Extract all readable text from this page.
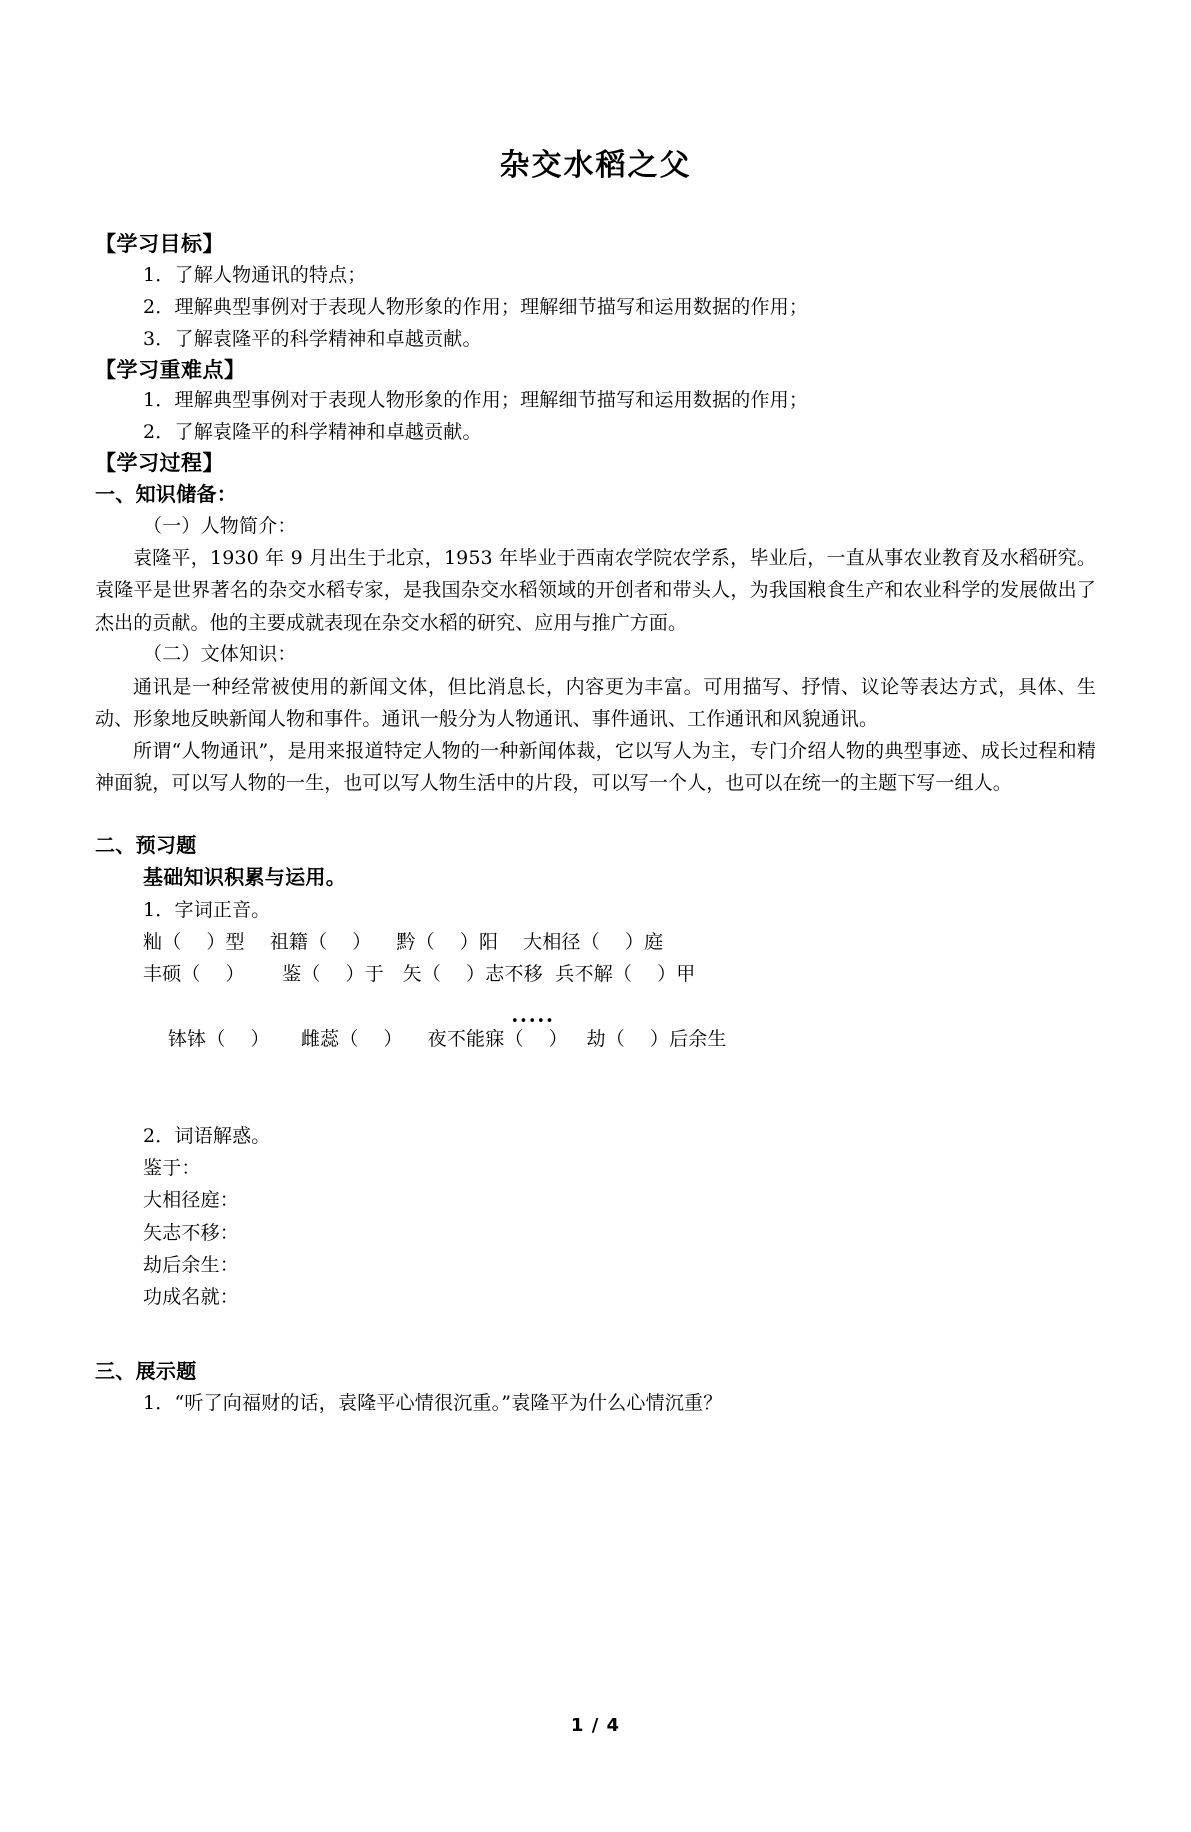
杂交水稻之父
【学习目标】
1．了解人物通讯的特点；
2．理解典型事例对于表现人物形象的作用；理解细节描写和运用数据的作用；
3．了解袁隆平的科学精神和卓越贡献。
【学习重难点】
1．理解典型事例对于表现人物形象的作用；理解细节描写和运用数据的作用；
2．了解袁隆平的科学精神和卓越贡献。
【学习过程】
一、知识储备：
（一）人物简介：
袁隆平，1930 年 9 月出生于北京，1953 年毕业于西南农学院农学系，毕业后，一直从事农业教育及水稻研究。袁隆平是世界著名的杂交水稻专家，是我国杂交水稻领域的开创者和带头人，为我国粮食生产和农业科学的发展做出了杰出的贡献。他的主要成就表现在杂交水稻的研究、应用与推广方面。
（二）文体知识：
通讯是一种经常被使用的新闻文体，但比消息长，内容更为丰富。可用描写、抒情、议论等表达方式，具体、生动、形象地反映新闻人物和事件。通讯一般分为人物通讯、事件通讯、工作通讯和风貌通讯。
所谓“人物通讯”，是用来报道特定人物的一种新闻体裁，它以写人为主，专门介绍人物的典型事迹、成长过程和精神面貌，可以写人物的一生，也可以写人物生活中的片段，可以写一个人，也可以在统一的主题下写一组人。
二、预习题
基础知识积累与运用。
1．字词正音。
籼（    ）型    祖籍（    ）    黔（    ）阳    大相径（    ）庭
丰硕（    ）      鉴（    ）于   矢（    ）志不移  兵不解（    ）甲

钵钵（    ）     雌蕊（    ）    夜不能寐（    ）   劫（    ）后余生

•••••

2．词语解惑。
鉴于：
大相径庭：
矢志不移：
劫后余生：
功成名就：
三、展示题
1．“听了向福财的话，袁隆平心情很沉重。”袁隆平为什么心情沉重？
1 / 4
